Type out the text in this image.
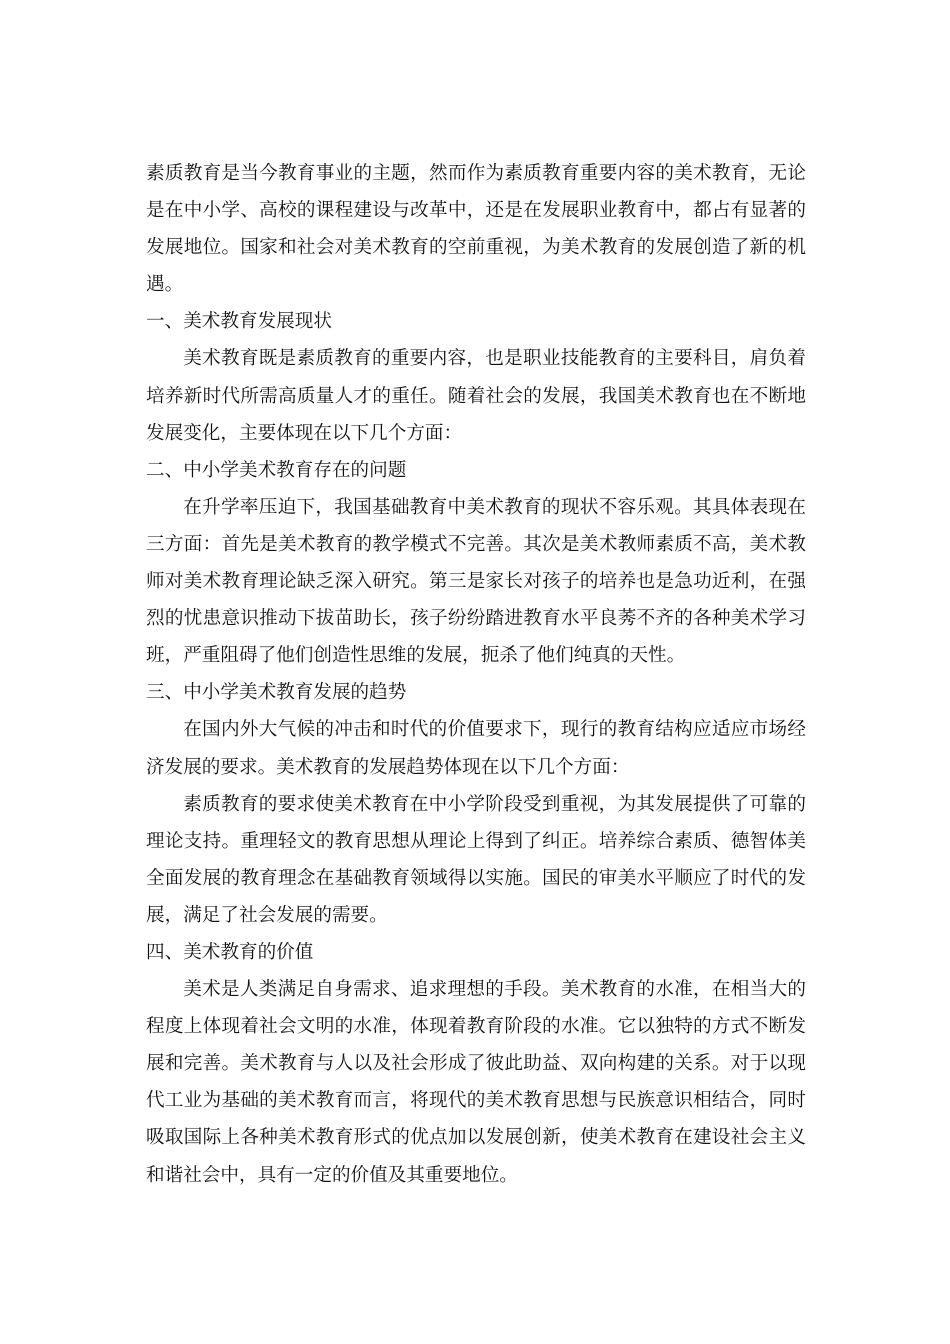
素质教育是当今教育事业的主题，然而作为素质教育重要内容的美术教育，无论是在中小学、高校的课程建设与改革中，还是在发展职业教育中，都占有显著的发展地位。国家和社会对美术教育的空前重视，为美术教育的发展创造了新的机遇。

一、美术教育发展现状

美术教育既是素质教育的重要内容，也是职业技能教育的主要科目，肩负着培养新时代所需高质量人才的重任。随着社会的发展，我国美术教育也在不断地发展变化，主要体现在以下几个方面：

二、中小学美术教育存在的问题

在升学率压迫下，我国基础教育中美术教育的现状不容乐观。其具体表现在三方面：首先是美术教育的教学模式不完善。其次是美术教师素质不高，美术教师对美术教育理论缺乏深入研究。第三是家长对孩子的培养也是急功近利，在强烈的忧患意识推动下拔苗助长，孩子纷纷踏进教育水平良莠不齐的各种美术学习班，严重阻碍了他们创造性思维的发展，扼杀了他们纯真的天性。

三、中小学美术教育发展的趋势

在国内外大气候的冲击和时代的价值要求下，现行的教育结构应适应市场经济发展的要求。美术教育的发展趋势体现在以下几个方面：

素质教育的要求使美术教育在中小学阶段受到重视，为其发展提供了可靠的理论支持。重理轻文的教育思想从理论上得到了纠正。培养综合素质、德智体美全面发展的教育理念在基础教育领域得以实施。国民的审美水平顺应了时代的发展，满足了社会发展的需要。

四、美术教育的价值

美术是人类满足自身需求、追求理想的手段。美术教育的水准，在相当大的程度上体现着社会文明的水准，体现着教育阶段的水准。它以独特的方式不断发展和完善。美术教育与人以及社会形成了彼此助益、双向构建的关系。对于以现代工业为基础的美术教育而言，将现代的美术教育思想与民族意识相结合，同时吸取国际上各种美术教育形式的优点加以发展创新，使美术教育在建设社会主义和谐社会中，具有一定的价值及其重要地位。
